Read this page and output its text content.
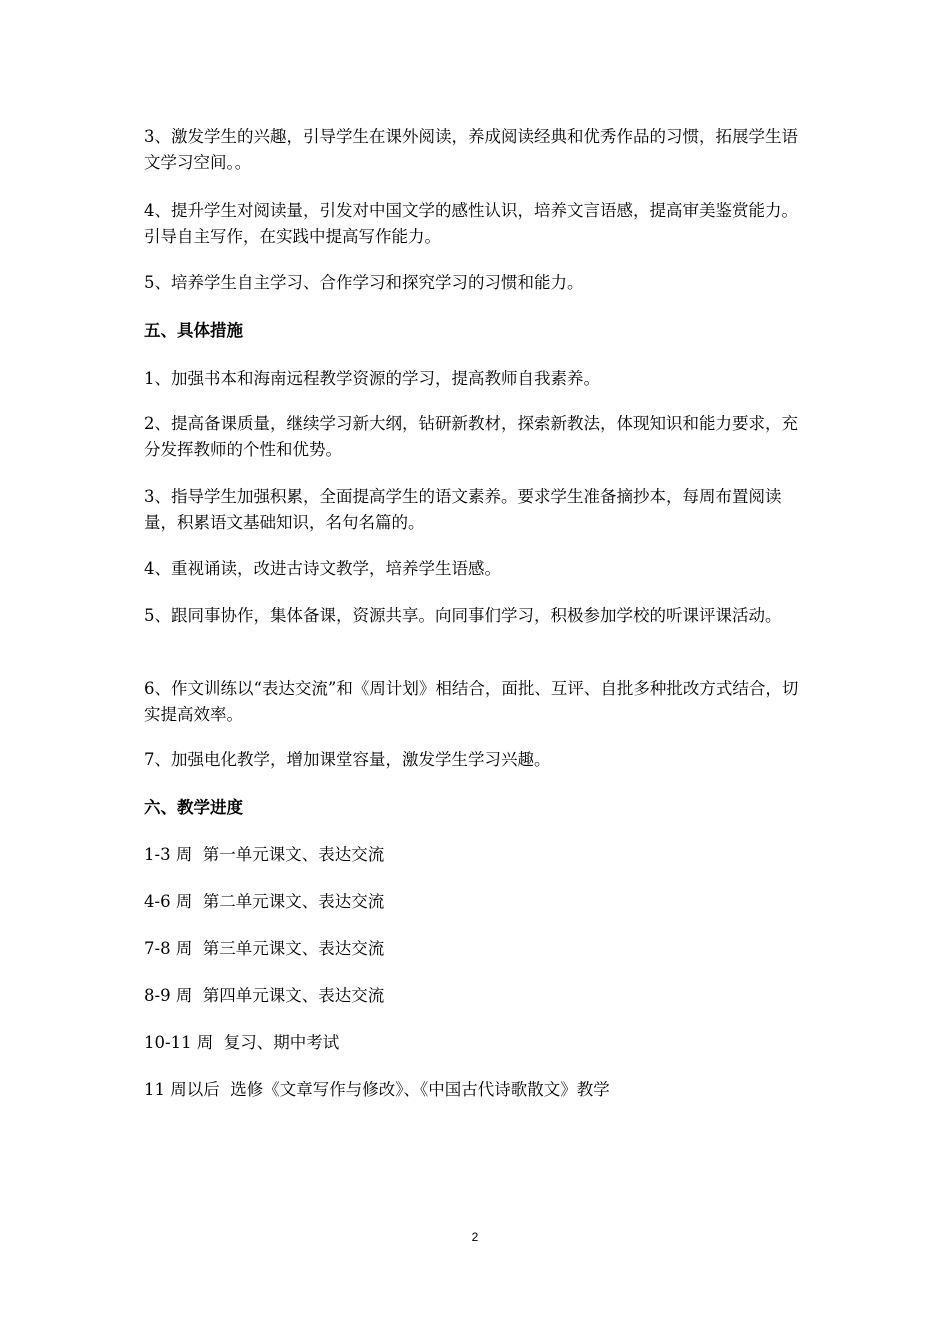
3、激发学生的兴趣，引导学生在课外阅读，养成阅读经典和优秀作品的习惯，拓展学生语文学习空间。。

4、提升学生对阅读量，引发对中国文学的感性认识，培养文言语感，提高审美鉴赏能力。引导自主写作，在实践中提高写作能力。

5、培养学生自主学习、合作学习和探究学习的习惯和能力。

五、具体措施

1、加强书本和海南远程教学资源的学习，提高教师自我素养。

2、提高备课质量，继续学习新大纲，钻研新教材，探索新教法，体现知识和能力要求，充分发挥教师的个性和优势。

3、指导学生加强积累，全面提高学生的语文素养。要求学生准备摘抄本，每周布置阅读量，积累语文基础知识，名句名篇的。

4、重视诵读，改进古诗文教学，培养学生语感。

5、跟同事协作，集体备课，资源共享。向同事们学习，积极参加学校的听课评课活动。

6、作文训练以“表达交流”和《周计划》相结合，面批、互评、自批多种批改方式结合，切实提高效率。

7、加强电化教学，增加课堂容量，激发学生学习兴趣。

六、教学进度

1-3 周  第一单元课文、表达交流

4-6 周  第二单元课文、表达交流

7-8 周  第三单元课文、表达交流

8-9 周  第四单元课文、表达交流

10-11 周  复习、期中考试

11 周以后  选修《文章写作与修改》、《中国古代诗歌散文》教学

2
